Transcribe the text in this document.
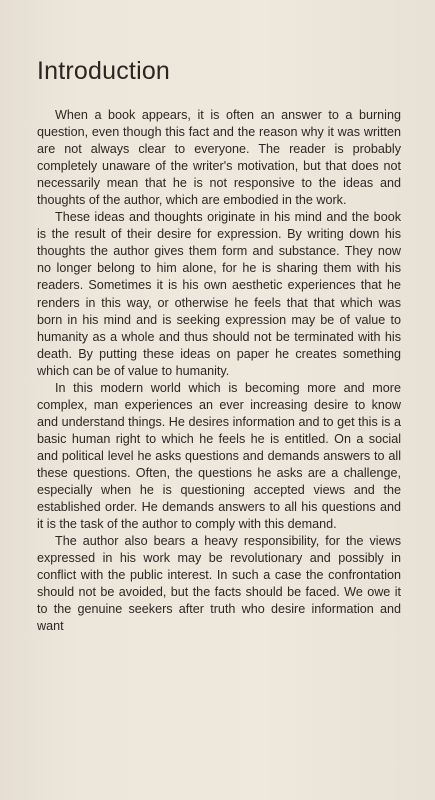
Introduction

When a book appears, it is often an answer to a burning question, even though this fact and the reason why it was written are not always clear to everyone. The reader is probably completely unaware of the writer's motivation, but that does not necessarily mean that he is not responsive to the ideas and thoughts of the author, which are embodied in the work.

These ideas and thoughts originate in his mind and the book is the result of their desire for expression. By writing down his thoughts the author gives them form and substance. They now no longer belong to him alone, for he is sharing them with his readers. Sometimes it is his own aesthetic experiences that he renders in this way, or otherwise he feels that that which was born in his mind and is seeking expression may be of value to humanity as a whole and thus should not be terminated with his death. By putting these ideas on paper he creates something which can be of value to humanity.

In this modern world which is becoming more and more complex, man experiences an ever increasing desire to know and understand things. He desires information and to get this is a basic human right to which he feels he is entitled. On a social and political level he asks questions and demands answers to all these questions. Often, the questions he asks are a challenge, especially when he is questioning accepted views and the established order. He demands answers to all his questions and it is the task of the author to comply with this demand.

The author also bears a heavy responsibility, for the views expressed in his work may be revolutionary and possibly in conflict with the public interest. In such a case the confrontation should not be avoided, but the facts should be faced. We owe it to the genuine seekers after truth who desire information and want
